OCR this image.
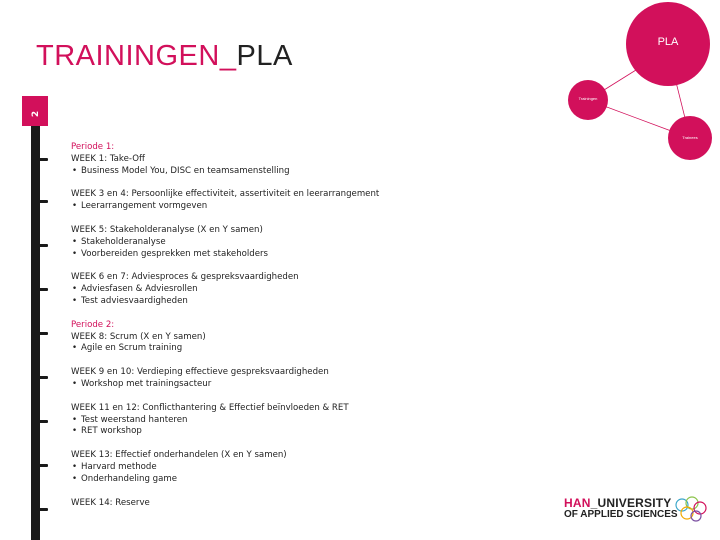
PLA
Trainingen
Trainees
TRAININGEN_PLA
2
Periode 1:
WEEK 1: Take-Off
• Business Model You, DISC en teamsamenstelling
WEEK 3 en 4: Persoonlijke effectiviteit, assertiviteit en leerarrangement
• Leerarrangement vormgeven
WEEK 5: Stakeholderanalyse (X en Y samen)
• Stakeholderanalyse
• Voorbereiden gesprekken met stakeholders
WEEK 6 en 7: Adviesproces & gespreksvaardigheden
• Adviesfasen & Adviesrollen
• Test adviesvaardigheden
Periode 2:
WEEK 8: Scrum (X en Y samen)
• Agile en Scrum training
WEEK 9 en 10: Verdieping effectieve gespreksvaardigheden
• Workshop met trainingsacteur
WEEK 11 en 12: Conflicthantering & Effectief beïnvloeden & RET
• Test weerstand hanteren
• RET workshop
WEEK 13: Effectief onderhandelen (X en Y samen)
• Harvard methode
• Onderhandeling game
WEEK 14: Reserve	HAN_UNIVERSITY
OF APPLIED SCIENCES
